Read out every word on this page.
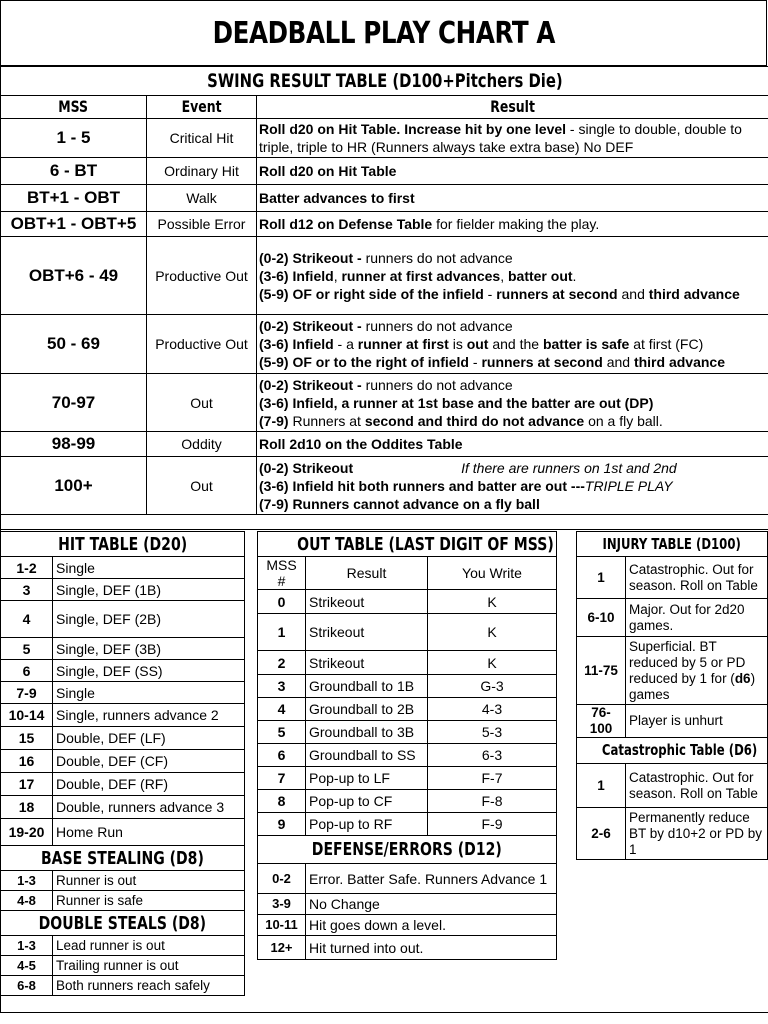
DEADBALL PLAY CHART A
SWING RESULT TABLE (D100+Pitchers Die)		
MSS	Event	Result
1 - 5	Critical Hit	Roll d20 on Hit Table. Increase hit by one level - single to double, double to triple, triple to HR (Runners always take extra base) No DEF
6 - BT	Ordinary Hit	Roll d20 on Hit Table
BT+1 - OBT	Walk	Batter advances to first
OBT+1 - OBT+5	Possible Error	Roll d12 on Defense Table for fielder making the play.
OBT+6 - 49	Productive Out	(0-2) Strikeout - runners do not advance
(3-6) Infield, runner at first advances, batter out.
(5-9) OF or right side of the infield - runners at second and third advance
50 - 69	Productive Out	(0-2) Strikeout - runners do not advance
(3-6) Infield - a runner at first is out and the batter is safe at first (FC)
(5-9) OF or to the right of infield - runners at second and third advance
70-97	Out	(0-2) Strikeout - runners do not advance
(3-6) Infield, a runner at 1st base and the batter are out (DP)
(7-9) Runners at second and third do not advance on a fly ball.
98-99	Oddity	Roll 2d10 on the Oddites Table
100+	Out	(0-2) Strikeout If there are runners on 1st and 2nd
(3-6) Infield hit both runners and batter are out ---TRIPLE PLAY
(7-9) Runners cannot advance on a fly ball
HIT TABLE (D20)	
1-2	Single
3	Single, DEF (1B)
4	Single, DEF (2B)
5	Single, DEF (3B)
6	Single, DEF (SS)
7-9	Single
10-14	Single, runners advance 2
15	Double, DEF (LF)
16	Double, DEF (CF)
17	Double, DEF (RF)
18	Double, runners advance 3
19-20	Home Run
BASE STEALING (D8)	
1-3	Runner is out
4-8	Runner is safe
DOUBLE STEALS (D8)	
1-3	Lead runner is out
4-5	Trailing runner is out
6-8	Both runners reach safely
OUT TABLE (LAST DIGIT OF MSS)		
MSS #	Result	You Write
0	Strikeout	K
1	Strikeout	K
2	Strikeout	K
3	Groundball to 1B	G-3
4	Groundball to 2B	4-3
5	Groundball to 3B	5-3
6	Groundball to SS	6-3
7	Pop-up to LF	F-7
8	Pop-up to CF	F-8
9	Pop-up to RF	F-9
DEFENSE/ERRORS (D12)		
0-2	Error. Batter Safe. Runners Advance 1	
3-9	No Change	
10-11	Hit goes down a level.	
12+	Hit turned into out.	
INJURY TABLE (D100)	
1	Catastrophic. Out for season. Roll on Table
6-10	Major. Out for 2d20 games.
11-75	Superficial. BT reduced by 5 or PD reduced by 1 for (d6) games
76-100	Player is unhurt
Catastrophic Table (D6)	
1	Catastrophic. Out for season. Roll on Table
2-6	Permanently reduce BT by d10+2 or PD by 1
